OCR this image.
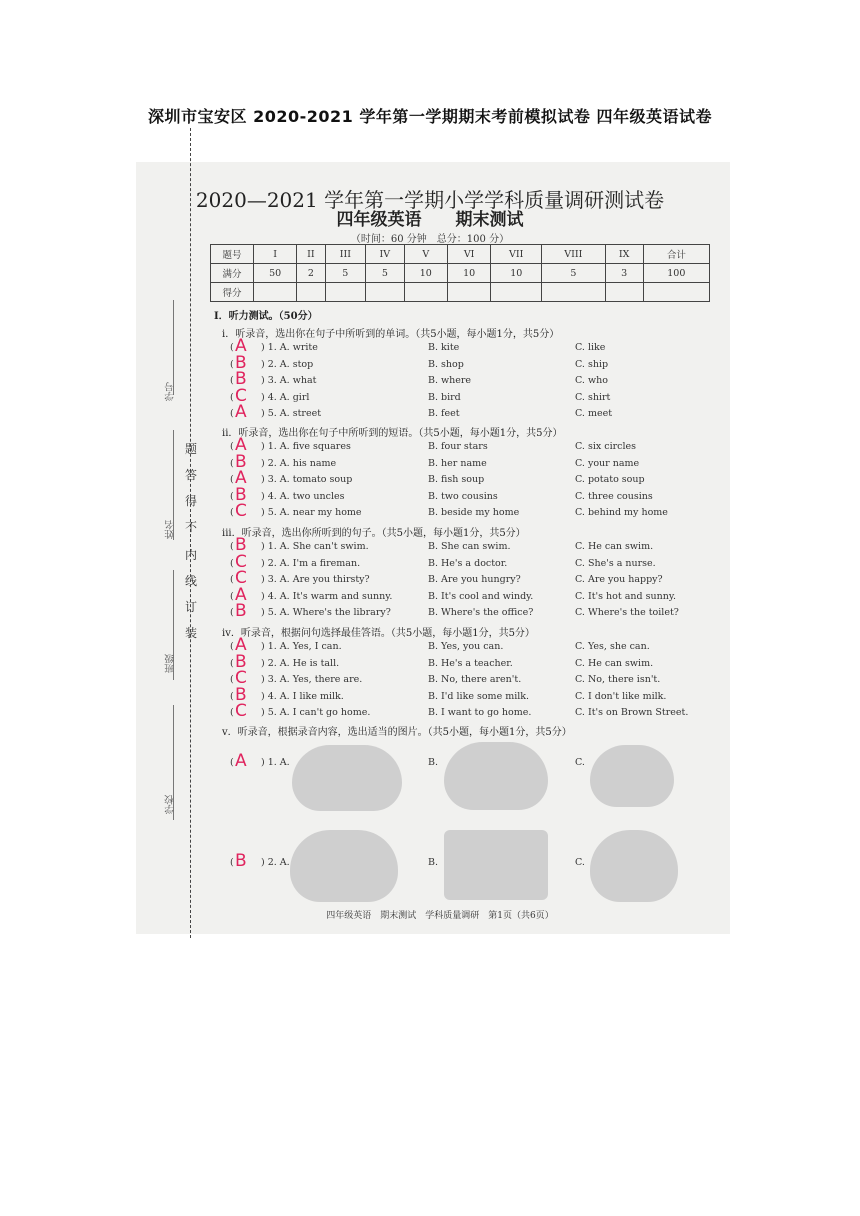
深圳市宝安区 2020-2021 学年第一学期期末考前模拟试卷 四年级英语试卷
学号
姓名
班级
学校
题
答
得
不
内
线
订
装
2020—2021 学年第一学期小学学科质量调研测试卷
四年级英语　　期末测试
（时间：60 分钟　总分：100 分）
题号	I	II	III	IV	V	VI	VII	VIII	IX	合计
满分	50	2	5	5	10	10	10	5	3	100
得分										
I．听力测试。（50分）
i．听录音，选出你在句子中所听到的单词。（共5小题，每小题1分，共5分）
ii．听录音，选出你在句子中所听到的短语。（共5小题，每小题1分，共5分）
iii．听录音，选出你所听到的句子。（共5小题，每小题1分，共5分）
iv．听录音，根据问句选择最佳答语。（共5小题，每小题1分，共5分）
v．听录音，根据录音内容，选出适当的图片。（共5小题，每小题1分，共5分）
( A ) 1. A. write	B. kite	C. like
( B ) 2. A. stop	B. shop	C. ship
( B ) 3. A. what	B. where	C. who
( C ) 4. A. girl	B. bird	C. shirt
( A ) 5. A. street	B. feet	C. meet
( A ) 1. A. five squares	B. four stars	C. six circles
( B ) 2. A. his name	B. her name	C. your name
( A ) 3. A. tomato soup	B. fish soup	C. potato soup
( B ) 4. A. two uncles	B. two cousins	C. three cousins
( C ) 5. A. near my home	B. beside my home	C. behind my home
( B ) 1. A. She can't swim.	B. She can swim.	C. He can swim.
( C ) 2. A. I'm a fireman.	B. He's a doctor.	C. She's a nurse.
( C ) 3. A. Are you thirsty?	B. Are you hungry?	C. Are you happy?
( A ) 4. A. It's warm and sunny.	B. It's cool and windy.	C. It's hot and sunny.
( B ) 5. A. Where's the library?	B. Where's the office?	C. Where's the toilet?
( A ) 1. A. Yes, I can.	B. Yes, you can.	C. Yes, she can.
( B ) 2. A. He is tall.	B. He's a teacher.	C. He can swim.
( C ) 3. A. Yes, there are.	B. No, there aren't.	C. No, there isn't.
( B ) 4. A. I like milk.	B. I'd like some milk.	C. I don't like milk.
( C ) 5. A. I can't go home.	B. I want to go home.	C. It's on Brown Street.
( A ) 1. A.	B.	C.
( B ) 2. A.	B.	C.
四年级英语　期末测试　学科质量调研　第1页（共6页）
